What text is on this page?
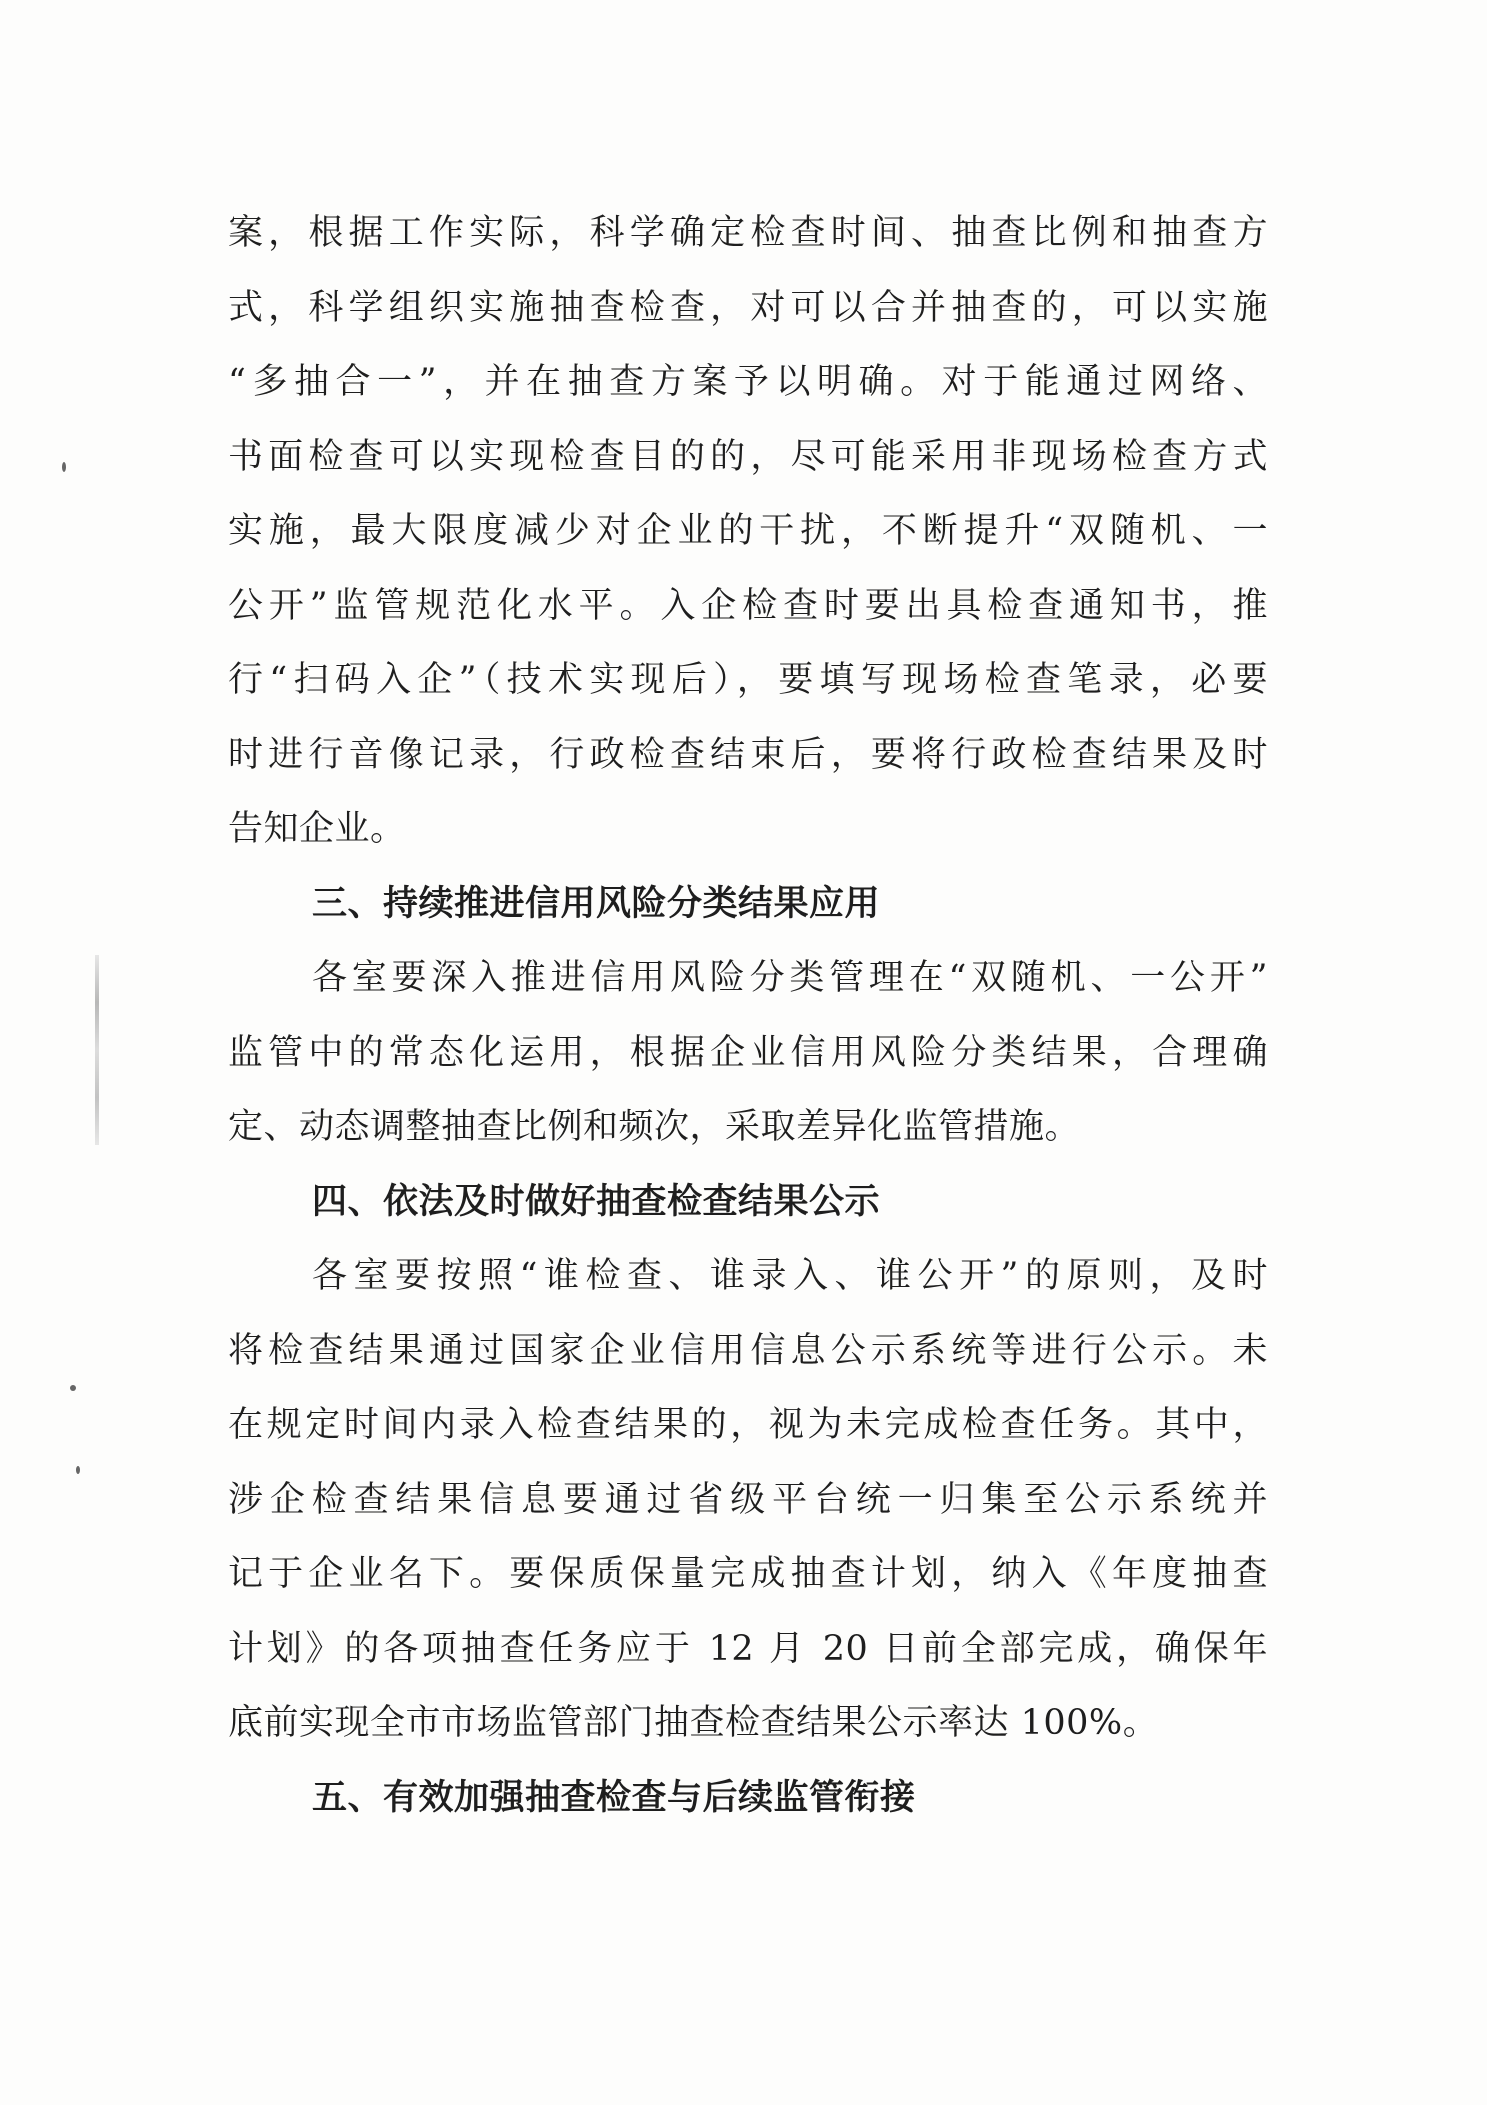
案，根据工作实际，科学确定检查时间、抽查比例和抽查方
式，科学组织实施抽查检查，对可以合并抽查的，可以实施
“多抽合一”，并在抽查方案予以明确。对于能通过网络、
书面检查可以实现检查目的的，尽可能采用非现场检查方式
实施，最大限度减少对企业的干扰，不断提升“双随机、一
公开”监管规范化水平。入企检查时要出具检查通知书，推
行“扫码入企”（技术实现后），要填写现场检查笔录，必要
时进行音像记录，行政检查结束后，要将行政检查结果及时
告知企业。
三、持续推进信用风险分类结果应用
各室要深入推进信用风险分类管理在“双随机、一公开”
监管中的常态化运用，根据企业信用风险分类结果，合理确
定、动态调整抽查比例和频次，采取差异化监管措施。
四、依法及时做好抽查检查结果公示
各室要按照“谁检查、谁录入、谁公开”的原则，及时
将检查结果通过国家企业信用信息公示系统等进行公示。未
在规定时间内录入检查结果的，视为未完成检查任务。其中，
涉企检查结果信息要通过省级平台统一归集至公示系统并
记于企业名下。要保质保量完成抽查计划，纳入《年度抽查
计划》的各项抽查任务应于 12 月 20 日前全部完成，确保年
底前实现全市市场监管部门抽查检查结果公示率达 100%。
五、有效加强抽查检查与后续监管衔接
